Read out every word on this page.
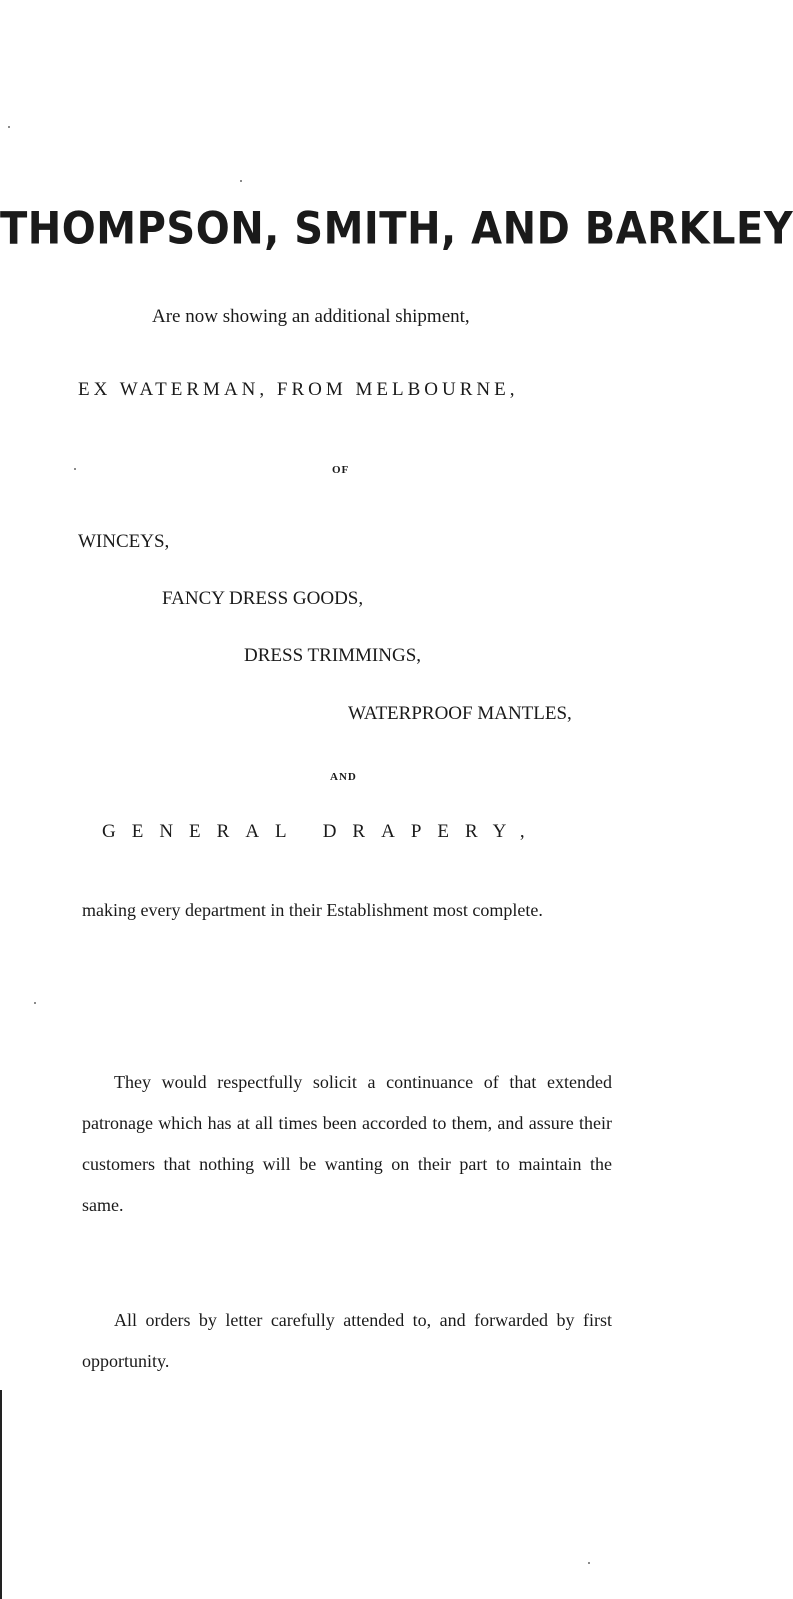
THOMPSON, SMITH, AND BARKLEY
Are now showing an additional shipment,
EX WATERMAN, FROM MELBOURNE,
OF
WINCEYS,
FANCY DRESS GOODS,
DRESS TRIMMINGS,
WATERPROOF MANTLES,
AND
GENERAL DRAPERY,
making every department in their Establishment most complete.
They would respectfully solicit a continuance of that extended patronage which has at all times been accorded to them, and assure their customers that nothing will be wanting on their part to maintain the same.
All orders by letter carefully attended to, and forwarded by first opportunity.
